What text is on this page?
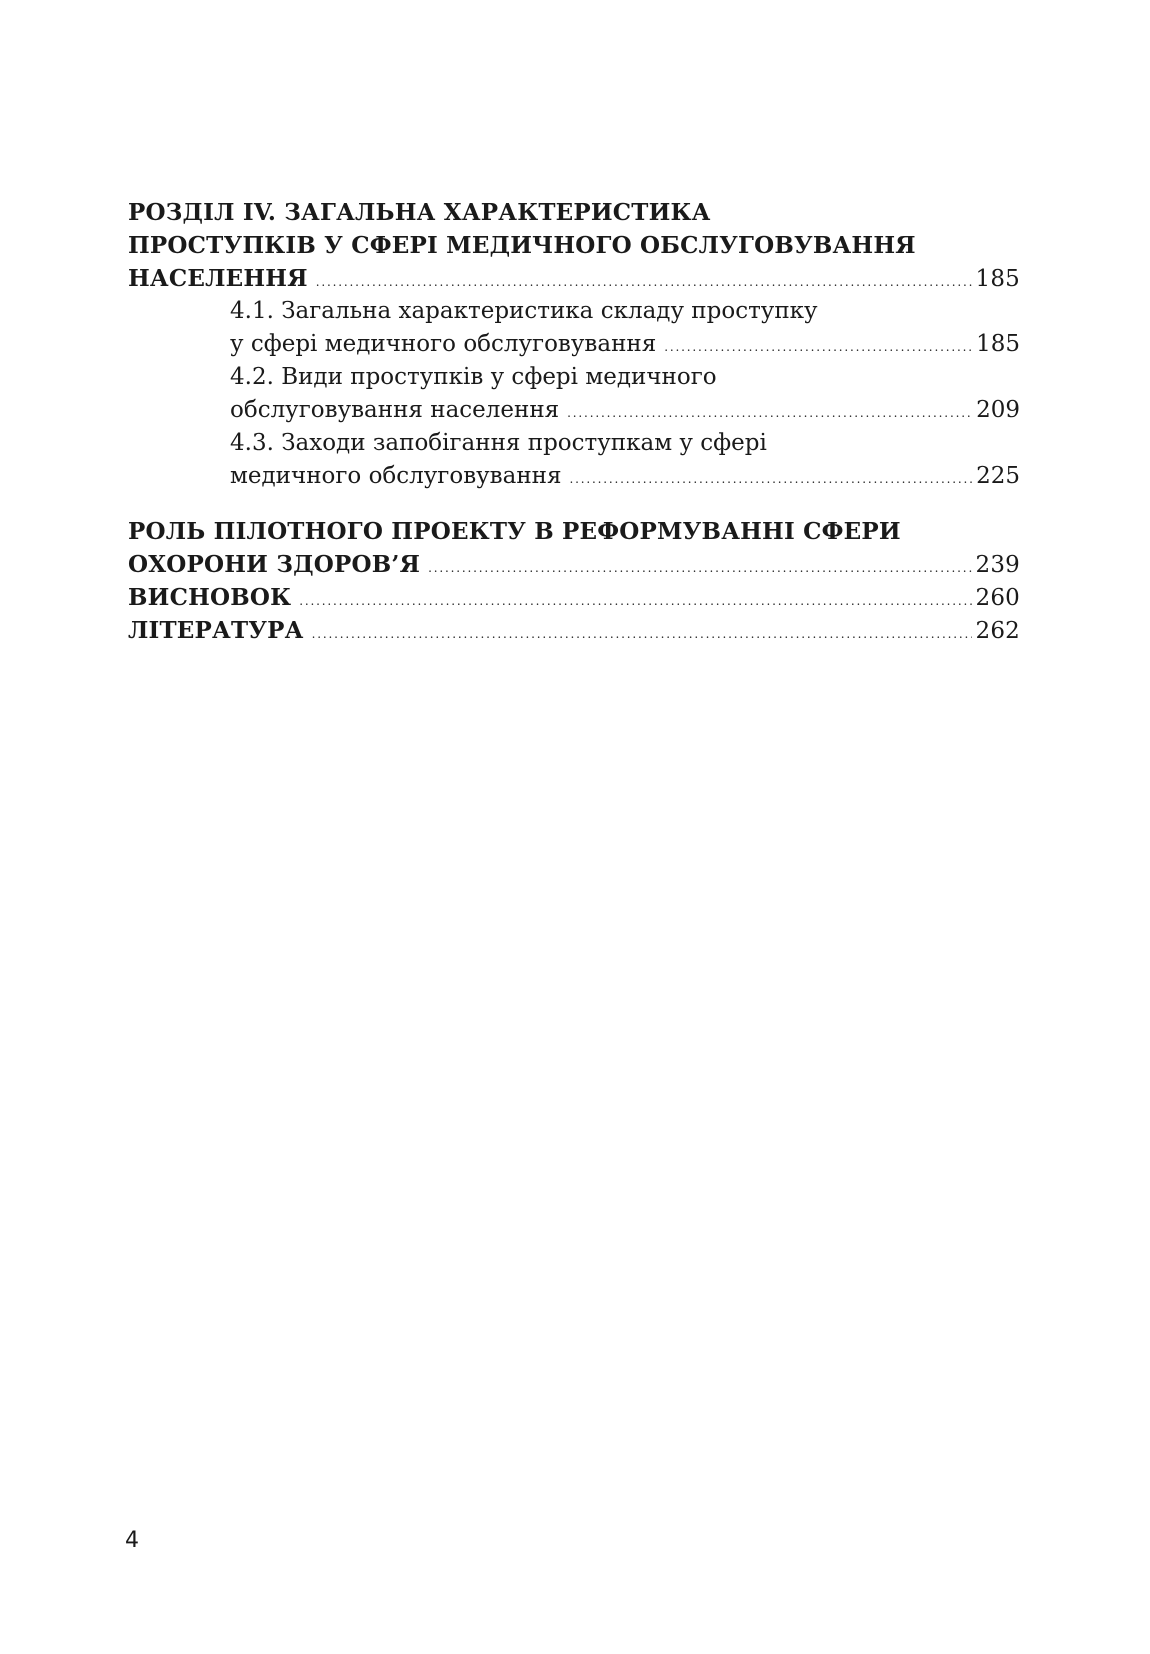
РОЗДІЛ IV. ЗАГАЛЬНА ХАРАКТЕРИСТИКА
ПРОСТУПКІВ У СФЕРІ МЕДИЧНОГО ОБСЛУГОВУВАННЯ
НАСЕЛЕННЯ . . .	185
4.1. Загальна характеристика складу проступку
у сфері медичного обслуговування . . .	185
4.2. Види проступків у сфері медичного
обслуговування населення . . .	209
4.3. Заходи запобігання проступкам у сфері
медичного обслуговування . . .	225
РОЛЬ ПІЛОТНОГО ПРОЕКТУ В РЕФОРМУВАННІ СФЕРИ
ОХОРОНИ ЗДОРОВ’Я . . .	239
ВИСНОВОК . . .	260
ЛІТЕРАТУРА . . .	262
4
